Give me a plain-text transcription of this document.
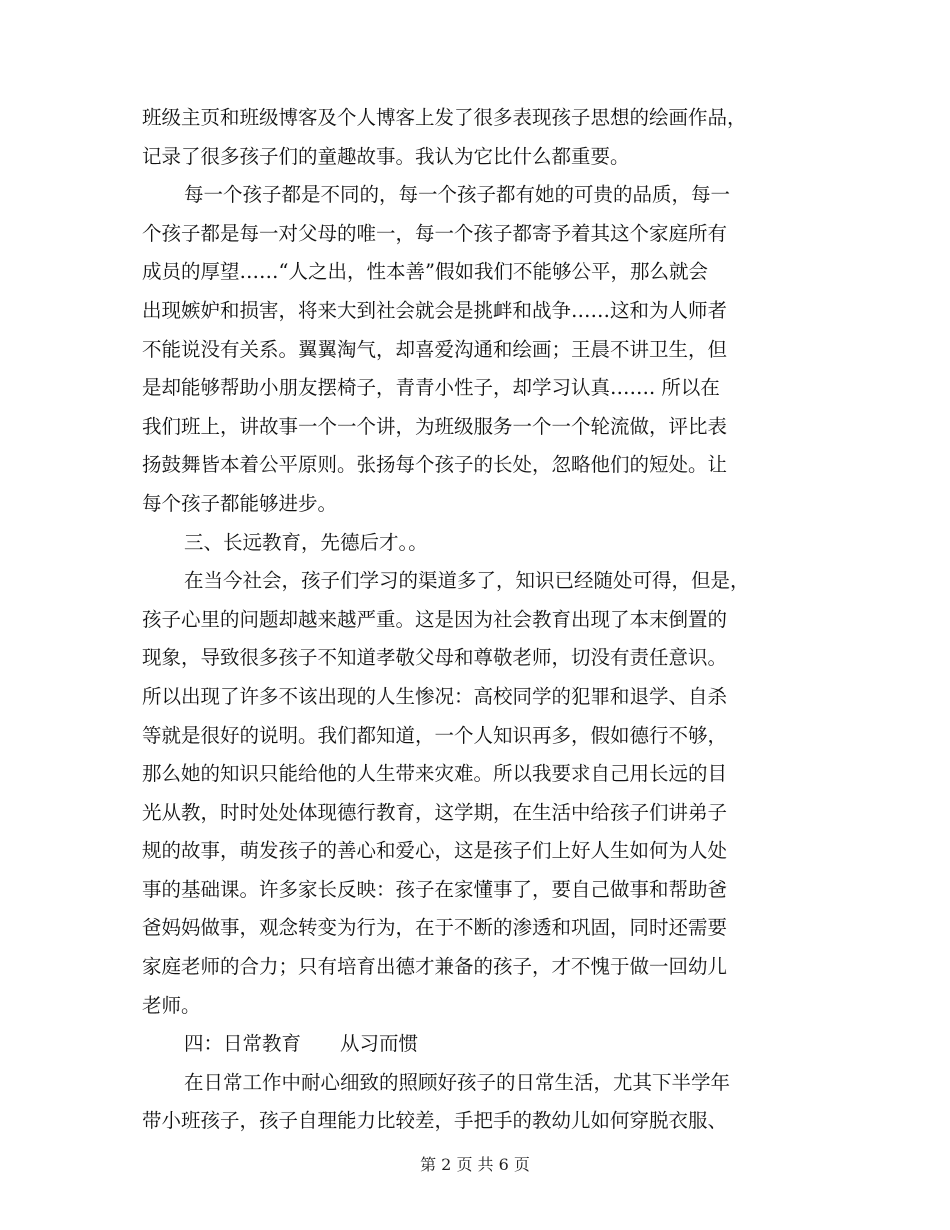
班级主页和班级博客及个人博客上发了很多表现孩子思想的绘画作品，
记录了很多孩子们的童趣故事。我认为它比什么都重要。
每一个孩子都是不同的，每一个孩子都有她的可贵的品质，每一
个孩子都是每一对父母的唯一，每一个孩子都寄予着其这个家庭所有
成员的厚望……“人之出，性本善”假如我们不能够公平，那么就会
出现嫉妒和损害，将来大到社会就会是挑衅和战争……这和为人师者
不能说没有关系。翼翼淘气，却喜爱沟通和绘画；王晨不讲卫生，但
是却能够帮助小朋友摆椅子，青青小性子，却学习认真……. 所以在
我们班上，讲故事一个一个讲，为班级服务一个一个轮流做，评比表
扬鼓舞皆本着公平原则。张扬每个孩子的长处，忽略他们的短处。让
每个孩子都能够进步。
三、长远教育，先德后才。。
在当今社会，孩子们学习的渠道多了，知识已经随处可得，但是，
孩子心里的问题却越来越严重。这是因为社会教育出现了本末倒置的
现象，导致很多孩子不知道孝敬父母和尊敬老师，切没有责任意识。
所以出现了许多不该出现的人生惨况：高校同学的犯罪和退学、自杀
等就是很好的说明。我们都知道，一个人知识再多，假如德行不够，
那么她的知识只能给他的人生带来灾难。所以我要求自己用长远的目
光从教，时时处处体现德行教育，这学期，在生活中给孩子们讲弟子
规的故事，萌发孩子的善心和爱心，这是孩子们上好人生如何为人处
事的基础课。许多家长反映：孩子在家懂事了，要自己做事和帮助爸
爸妈妈做事，观念转变为行为，在于不断的渗透和巩固，同时还需要
家庭老师的合力；只有培育出德才兼备的孩子，才不愧于做一回幼儿
老师。
四：日常教育　　从习而惯
在日常工作中耐心细致的照顾好孩子的日常生活，尤其下半学年
带小班孩子，孩子自理能力比较差，手把手的教幼儿如何穿脱衣服、
第 2 页 共 6 页
